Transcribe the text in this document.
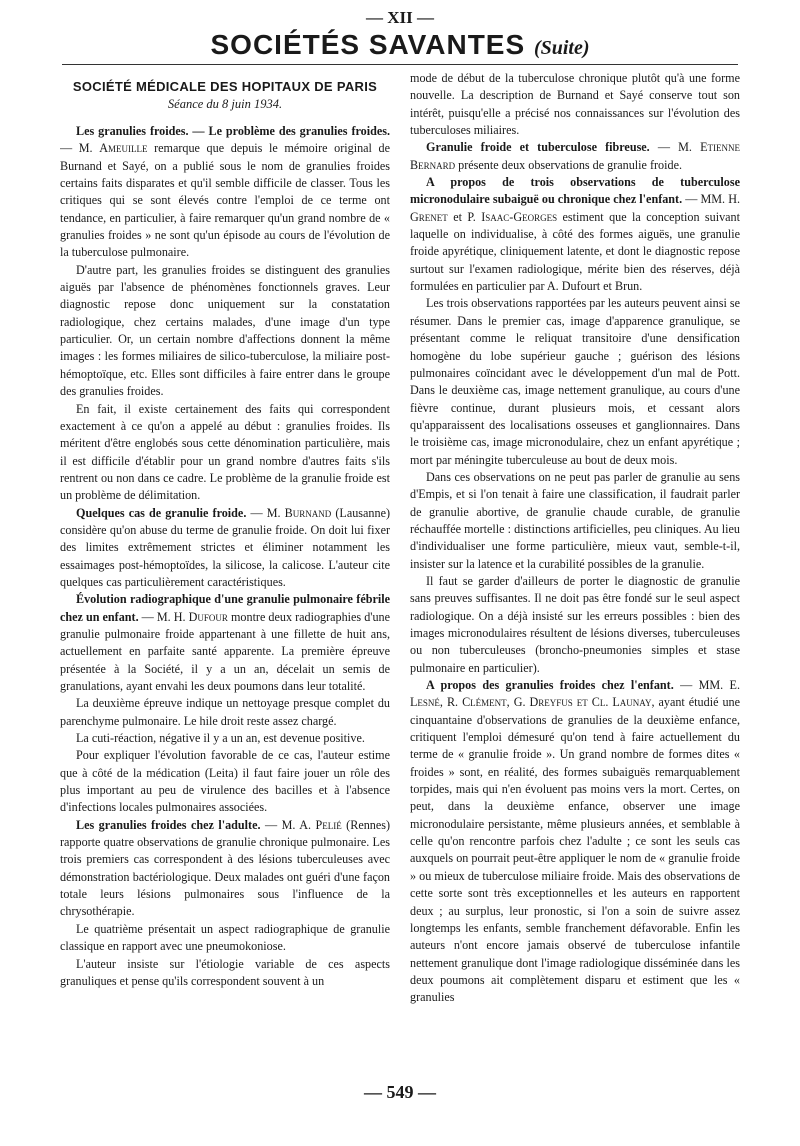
— XII —
SOCIÉTÉS SAVANTES (Suite)
SOCIÉTÉ MÉDICALE DES HOPITAUX DE PARIS
Séance du 8 juin 1934.

Les granulies froides. — Le problème des granulies froides. — M. Ameuille remarque que depuis le mémoire original de Burnand et Sayé, on a publié sous le nom de granulies froides certains faits disparates et qu'il semble difficile de classer. Tous les critiques qui se sont élevés contre l'emploi de ce terme ont tendance, en particulier, à faire remarquer qu'un grand nombre de « granulies froides » ne sont qu'un épisode au cours de l'évolution de la tuberculose pulmonaire.

D'autre part, les granulies froides se distinguent des granulies aiguës par l'absence de phénomènes fonctionnels graves. Leur diagnostic repose donc uniquement sur la constatation radiologique, chez certains malades, d'une image d'un type particulier. Or, un certain nombre d'affections donnent la même images : les formes miliaires de silico-tuberculose, la miliaire post-hémoptoïque, etc. Elles sont difficiles à faire entrer dans le groupe des granulies froides.

En fait, il existe certainement des faits qui correspondent exactement à ce qu'on a appelé au début : granulies froides. Ils méritent d'être englobés sous cette dénomination particulière, mais il est difficile d'établir pour un grand nombre d'autres faits s'ils rentrent ou non dans ce cadre. Le problème de la granulie froide est un problème de délimitation.

Quelques cas de granulie froide. — M. Burnand (Lausanne) considère qu'on abuse du terme de granulie froide. On doit lui fixer des limites extrêmement strictes et éliminer notamment les essaimages post-hémoptoïdes, la silicose, la calicose. L'auteur cite quelques cas particulièrement caractéristiques.

Évolution radiographique d'une granulie pulmonaire fébrile chez un enfant. — M. H. Dufour montre deux radiographies d'une granulie pulmonaire froide appartenant à une fillette de huit ans, actuellement en parfaite santé apparente. La première épreuve présentée à la Société, il y a un an, décelait un semis de granulations, ayant envahi les deux poumons dans leur totalité.

La deuxième épreuve indique un nettoyage presque complet du parenchyme pulmonaire. Le hile droit reste assez chargé.

La cuti-réaction, négative il y a un an, est devenue positive.

Pour expliquer l'évolution favorable de ce cas, l'auteur estime que à côté de la médication (Leita) il faut faire jouer un rôle des plus important au peu de virulence des bacilles et à l'absence d'infections locales pulmonaires associées.

Les granulies froides chez l'adulte. — M. A. Pelié (Rennes) rapporte quatre observations de granulie chronique pulmonaire. Les trois premiers cas correspondent à des lésions tuberculeuses avec démonstration bactériologique. Deux malades ont guéri d'une façon totale leurs lésions pulmonaires sous l'influence de la chrysothérapie.

Le quatrième présentait un aspect radiographique de granulie classique en rapport avec une pneumokoniose.

L'auteur insiste sur l'étiologie variable de ces aspects granuliques et pense qu'ils correspondent souvent à un

mode de début de la tuberculose chronique plutôt qu'à une forme nouvelle. La description de Burnand et Sayé conserve tout son intérêt, puisqu'elle a précisé nos connaissances sur l'évolution des tuberculoses miliaires.

Granulie froide et tuberculose fibreuse. — M. Etienne Bernard présente deux observations de granulie froide.

A propos de trois observations de tuberculose micronodulaire subaiguë ou chronique chez l'enfant. — MM. H. Grenet et P. Isaac-Georges estiment que la conception suivant laquelle on individualise, à côté des formes aiguës, une granulie froide apyrétique, cliniquement latente, et dont le diagnostic repose surtout sur l'examen radiologique, mérite bien des réserves, déjà formulées en particulier par A. Dufourt et Brun.

Les trois observations rapportées par les auteurs peuvent ainsi se résumer. Dans le premier cas, image d'apparence granulique, se présentant comme le reliquat transitoire d'une densification homogène du lobe supérieur gauche ; guérison des lésions pulmonaires coïncidant avec le développement d'un mal de Pott. Dans le deuxième cas, image nettement granulique, au cours d'une fièvre continue, durant plusieurs mois, et cessant alors qu'apparaissent des localisations osseuses et ganglionnaires. Dans le troisième cas, image micronodulaire, chez un enfant apyrétique ; mort par méningite tuberculeuse au bout de deux mois.

Dans ces observations on ne peut pas parler de granulie au sens d'Empis, et si l'on tenait à faire une classification, il faudrait parler de granulie abortive, de granulie chaude curable, de granulie réchauffée mortelle : distinctions artificielles, peu cliniques. Au lieu d'individualiser une forme particulière, mieux vaut, semble-t-il, insister sur la latence et la curabilité possibles de la granulie.

Il faut se garder d'ailleurs de porter le diagnostic de granulie sans preuves suffisantes. Il ne doit pas être fondé sur le seul aspect radiologique. On a déjà insisté sur les erreurs possibles : bien des images micronodulaires résultent de lésions diverses, tuberculeuses ou non tuberculeuses (broncho-pneumonies simples et stase pulmonaire en particulier).

A propos des granulies froides chez l'enfant. — MM. E. Lesné, R. Clément, G. Dreyfus et Cl. Launay, ayant étudié une cinquantaine d'observations de granulies de la deuxième enfance, critiquent l'emploi démesuré qu'on tend à faire actuellement du terme de « granulie froide ». Un grand nombre de formes dites « froides » sont, en réalité, des formes subaiguës remarquablement torpides, mais qui n'en évoluent pas moins vers la mort. Certes, on peut, dans la deuxième enfance, observer une image micronodulaire persistante, même plusieurs années, et semblable à celle qu'on rencontre parfois chez l'adulte ; ce sont les seuls cas auxquels on pourrait peut-être appliquer le nom de « granulie froide » ou mieux de tuberculose miliaire froide. Mais des observations de cette sorte sont très exceptionnelles et les auteurs en rapportent deux ; au surplus, leur pronostic, si l'on a soin de suivre assez longtemps les enfants, semble franchement défavorable. Enfin les auteurs n'ont encore jamais observé de tuberculose infantile nettement granulique dont l'image radiologique disséminée dans les deux poumons ait complètement disparu et estiment que les « granulies

— 549 —
